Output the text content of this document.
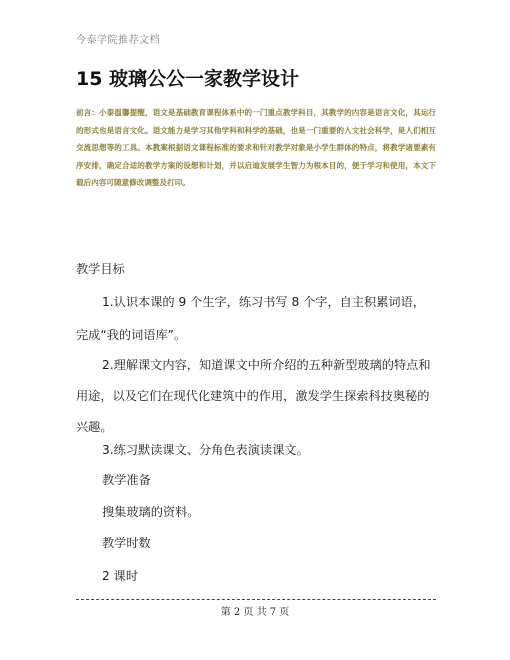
今泰学院推荐文档
15 玻璃公公一家教学设计
前言：小泰温馨提醒，语文是基础教育课程体系中的一门重点教学科目，其教学的内容是语言文化，其运行的形式也是语言文化。语文能力是学习其他学科和科学的基础，也是一门重要的人文社会科学，是人们相互交流思想等的工具。本教案根据语文课程标准的要求和针对教学对象是小学生群体的特点，将教学诸要素有序安排，确定合适的教学方案的设想和计划，并以启迪发展学生智力为根本目的，便于学习和使用，本文下载后内容可随意修改调整及打印。
教学目标
1.认识本课的 9 个生字，练习书写 8 个字，自主积累词语，完成“我的词语库”。
2.理解课文内容，知道课文中所介绍的五种新型玻璃的特点和用途，以及它们在现代化建筑中的作用，激发学生探索科技奥秘的兴趣。
3.练习默读课文、分角色表演读课文。
教学准备
搜集玻璃的资料。
教学时数
2 课时
第 2 页 共 7 页
